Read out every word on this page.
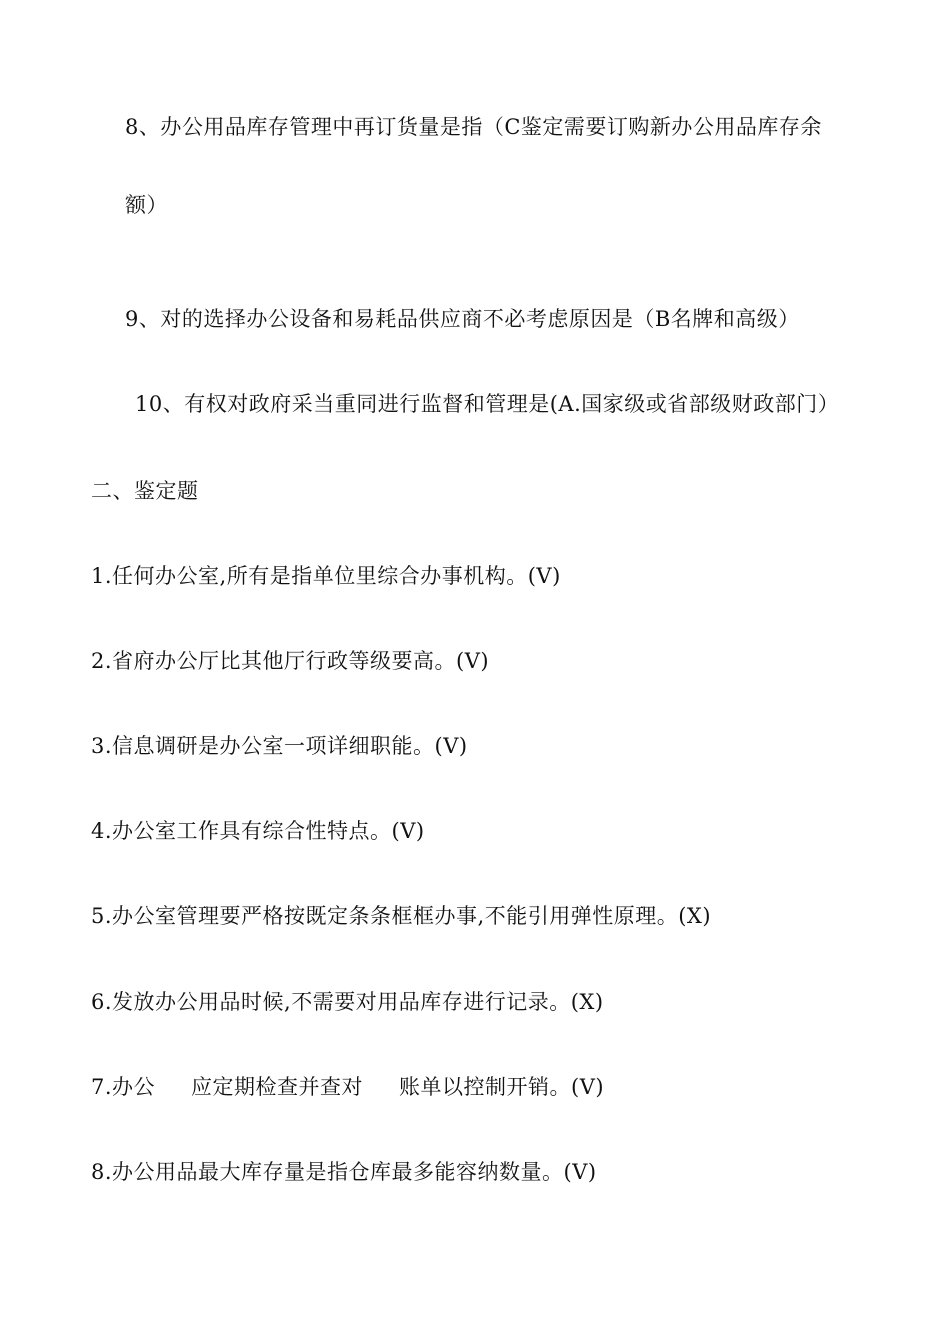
8、办公用品库存管理中再订货量是指（C鉴定需要订购新办公用品库存余
额）
9、对的选择办公设备和易耗品供应商不必考虑原因是（B名牌和高级）
10、有权对政府采当重同进行监督和管理是(A.国家级或省部级财政部门）
二、鉴定题
1.任何办公室,所有是指单位里综合办事机构。(V)
2.省府办公厅比其他厅行政等级要高。(V)
3.信息调研是办公室一项详细职能。(V)
4.办公室工作具有综合性特点。(V)
5.办公室管理要严格按既定条条框框办事,不能引用弹性原理。(X)
6.发放办公用品时候,不需要对用品库存进行记录。(X)
7.办公 应定期检查并查对 账单以控制开销。(V)
8.办公用品最大库存量是指仓库最多能容纳数量。(V)
